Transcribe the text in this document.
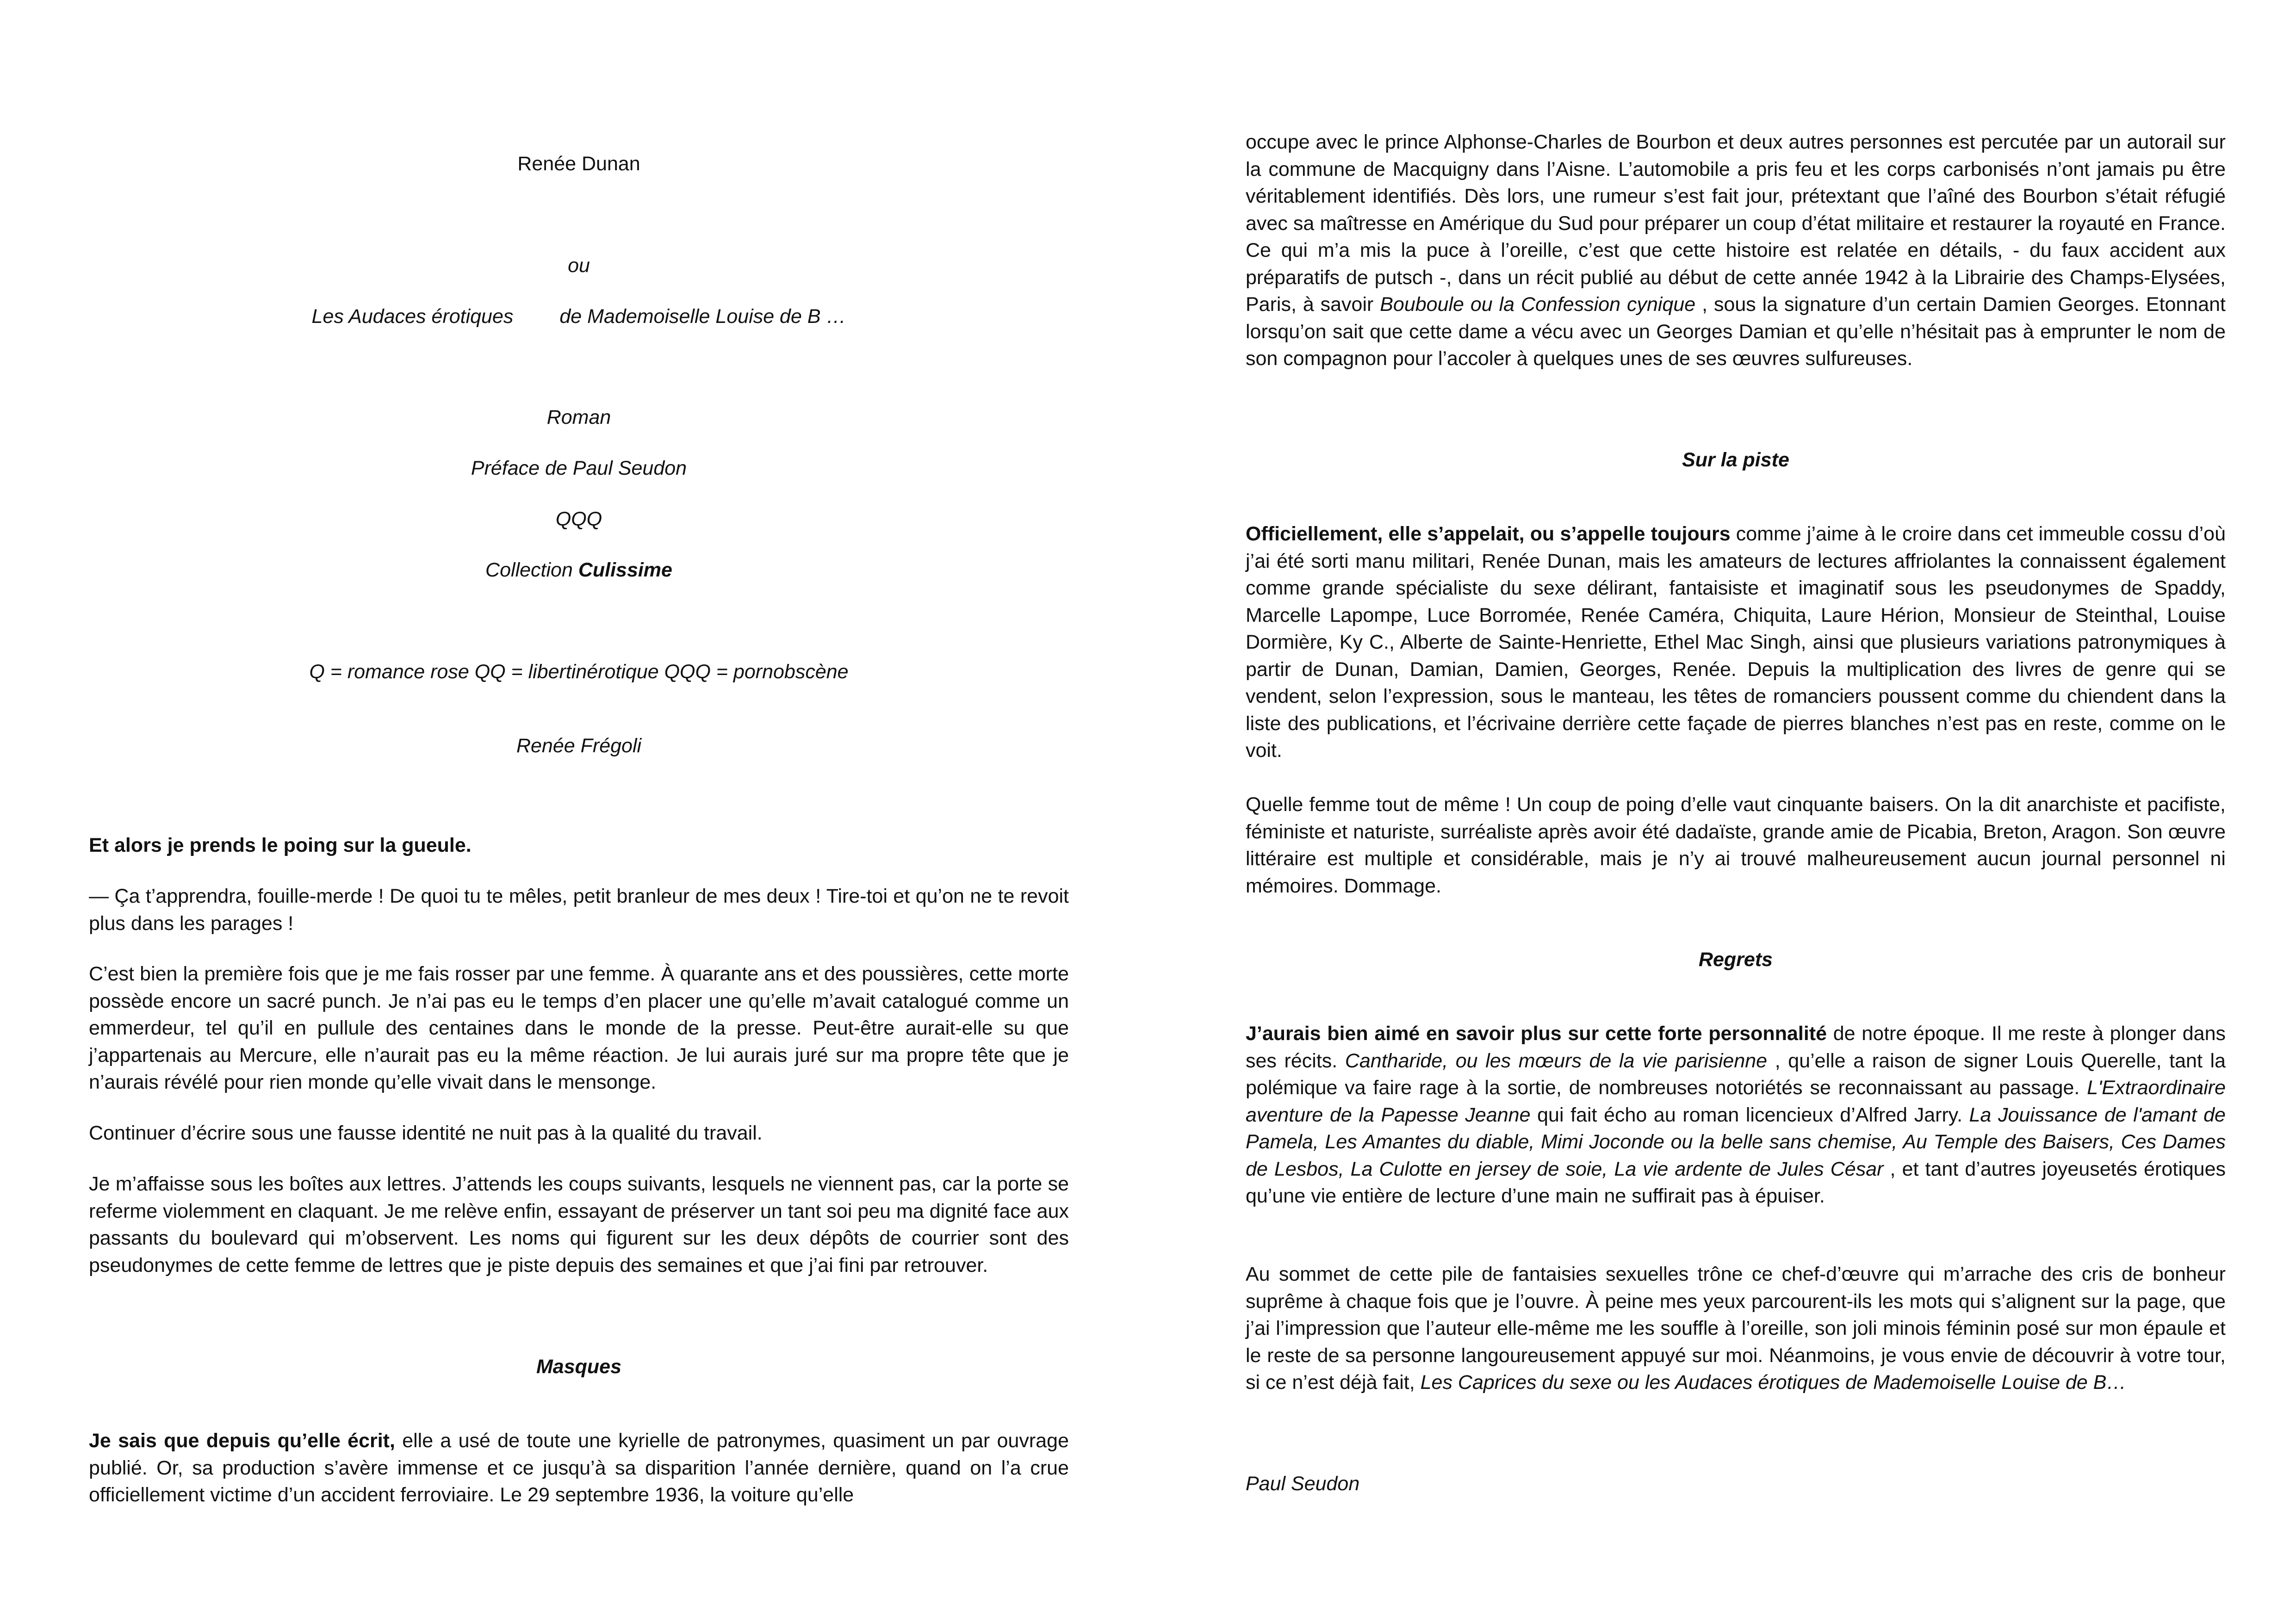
Renée Dunan

ou

Les Audaces érotiques de Mademoiselle Louise de B …

Roman

Préface de Paul Seudon

QQQ

Collection Culissime

Q = romance rose QQ = libertinérotique QQQ = pornobscène

Renée Frégoli

Et alors je prends le poing sur la gueule.

— Ça t’apprendra, fouille-merde ! De quoi tu te mêles, petit branleur de mes deux ! Tire-toi et qu’on ne te revoit plus dans les parages !

C’est bien la première fois que je me fais rosser par une femme. À quarante ans et des poussières, cette morte possède encore un sacré punch. Je n’ai pas eu le temps d’en placer une qu’elle m’avait catalogué comme un emmerdeur, tel qu’il en pullule des centaines dans le monde de la presse. Peut-être aurait-elle su que j’appartenais au Mercure, elle n’aurait pas eu la même réaction. Je lui aurais juré sur ma propre tête que je n’aurais révélé pour rien monde qu’elle vivait dans le mensonge.

Continuer d’écrire sous une fausse identité ne nuit pas à la qualité du travail.

Je m’affaisse sous les boîtes aux lettres. J’attends les coups suivants, lesquels ne viennent pas, car la porte se referme violemment en claquant. Je me relève enfin, essayant de préserver un tant soi peu ma dignité face aux passants du boulevard qui m’observent. Les noms qui figurent sur les deux dépôts de courrier sont des pseudonymes de cette femme de lettres que je piste depuis des semaines et que j’ai fini par retrouver.

Masques

Je sais que depuis qu’elle écrit, elle a usé de toute une kyrielle de patronymes, quasiment un par ouvrage publié. Or, sa production s’avère immense et ce jusqu’à sa disparition l’année dernière, quand on l’a crue officiellement victime d’un accident ferroviaire. Le 29 septembre 1936, la voiture qu’elle

occupe avec le prince Alphonse-Charles de Bourbon et deux autres personnes est percutée par un autorail sur la commune de Macquigny dans l’Aisne. L’automobile a pris feu et les corps carbonisés n’ont jamais pu être véritablement identifiés. Dès lors, une rumeur s’est fait jour, prétextant que l’aîné des Bourbon s’était réfugié avec sa maîtresse en Amérique du Sud pour préparer un coup d’état militaire et restaurer la royauté en France. Ce qui m’a mis la puce à l’oreille, c’est que cette histoire est relatée en détails, - du faux accident aux préparatifs de putsch -, dans un récit publié au début de cette année 1942 à la Librairie des Champs-Elysées, Paris, à savoir Bouboule ou la Confession cynique , sous la signature d’un certain Damien Georges. Etonnant lorsqu’on sait que cette dame a vécu avec un Georges Damian et qu’elle n’hésitait pas à emprunter le nom de son compagnon pour l’accoler à quelques unes de ses œuvres sulfureuses.

Sur la piste

Officiellement, elle s’appelait, ou s’appelle toujours comme j’aime à le croire dans cet immeuble cossu d’où j’ai été sorti manu militari, Renée Dunan, mais les amateurs de lectures affriolantes la connaissent également comme grande spécialiste du sexe délirant, fantaisiste et imaginatif sous les pseudonymes de Spaddy, Marcelle Lapompe, Luce Borromée, Renée Caméra, Chiquita, Laure Hérion, Monsieur de Steinthal, Louise Dormière, Ky C., Alberte de Sainte-Henriette, Ethel Mac Singh, ainsi que plusieurs variations patronymiques à partir de Dunan, Damian, Damien, Georges, Renée. Depuis la multiplication des livres de genre qui se vendent, selon l’expression, sous le manteau, les têtes de romanciers poussent comme du chiendent dans la liste des publications, et l’écrivaine derrière cette façade de pierres blanches n’est pas en reste, comme on le voit.

Quelle femme tout de même ! Un coup de poing d’elle vaut cinquante baisers. On la dit anarchiste et pacifiste, féministe et naturiste, surréaliste après avoir été dadaïste, grande amie de Picabia, Breton, Aragon. Son œuvre littéraire est multiple et considérable, mais je n’y ai trouvé malheureusement aucun journal personnel ni mémoires. Dommage.

Regrets

J’aurais bien aimé en savoir plus sur cette forte personnalité de notre époque. Il me reste à plonger dans ses récits. Cantharide, ou les mœurs de la vie parisienne , qu’elle a raison de signer Louis Querelle, tant la polémique va faire rage à la sortie, de nombreuses notoriétés se reconnaissant au passage. L'Extraordinaire aventure de la Papesse Jeanne qui fait écho au roman licencieux d’Alfred Jarry. La Jouissance de l'amant de Pamela, Les Amantes du diable, Mimi Joconde ou la belle sans chemise, Au Temple des Baisers, Ces Dames de Lesbos, La Culotte en jersey de soie, La vie ardente de Jules César , et tant d’autres joyeusetés érotiques qu’une vie entière de lecture d’une main ne suffirait pas à épuiser.

Au sommet de cette pile de fantaisies sexuelles trône ce chef-d’œuvre qui m’arrache des cris de bonheur suprême à chaque fois que je l’ouvre. À peine mes yeux parcourent-ils les mots qui s’alignent sur la page, que j’ai l’impression que l’auteur elle-même me les souffle à l’oreille, son joli minois féminin posé sur mon épaule et le reste de sa personne langoureusement appuyé sur moi. Néanmoins, je vous envie de découvrir à votre tour, si ce n’est déjà fait, Les Caprices du sexe ou les Audaces érotiques de Mademoiselle Louise de B…

Paul Seudon
